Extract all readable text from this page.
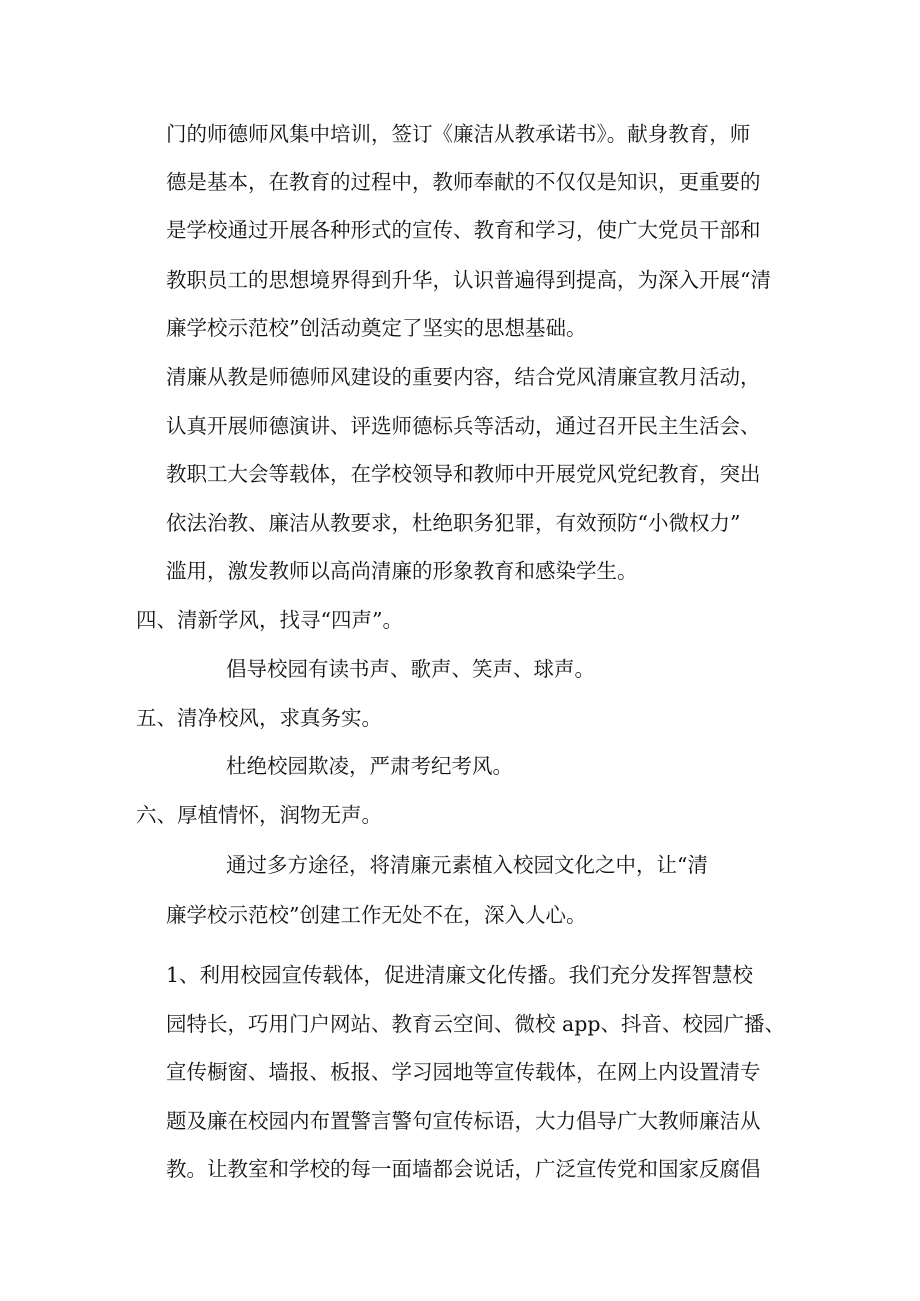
门的师德师风集中培训，签订《廉洁从教承诺书》。献身教育，师
德是基本，在教育的过程中，教师奉献的不仅仅是知识，更重要的
是学校通过开展各种形式的宣传、教育和学习，使广大党员干部和
教职员工的思想境界得到升华，认识普遍得到提高，为深入开展“清
廉学校示范校”创活动奠定了坚实的思想基础。
清廉从教是师德师风建设的重要内容，结合党风清廉宣教月活动，
认真开展师德演讲、评选师德标兵等活动，通过召开民主生活会、
教职工大会等载体，在学校领导和教师中开展党风党纪教育，突出
依法治教、廉洁从教要求，杜绝职务犯罪，有效预防“小微权力”
滥用，激发教师以高尚清廉的形象教育和感染学生。
四、清新学风，找寻“四声”。
倡导校园有读书声、歌声、笑声、球声。
五、清净校风，求真务实。
杜绝校园欺凌，严肃考纪考风。
六、厚植情怀，润物无声。
通过多方途径，将清廉元素植入校园文化之中，让“清
廉学校示范校”创建工作无处不在，深入人心。
1、利用校园宣传载体，促进清廉文化传播。我们充分发挥智慧校
园特长，巧用门户网站、教育云空间、微校 app、抖音、校园广播、
宣传橱窗、墙报、板报、学习园地等宣传载体，在网上内设置清专
题及廉在校园内布置警言警句宣传标语，大力倡导广大教师廉洁从
教。让教室和学校的每一面墙都会说话，广泛宣传党和国家反腐倡
